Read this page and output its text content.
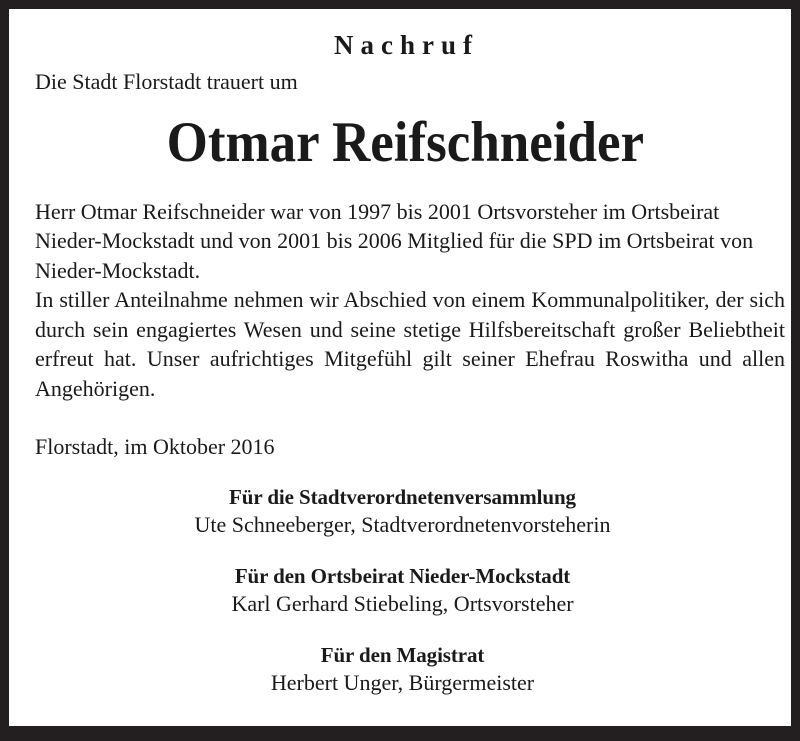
Nachruf
Die Stadt Florstadt trauert um
Otmar Reifschneider

Herr Otmar Reifschneider war von 1997 bis 2001 Ortsvorsteher im Ortsbeirat Nieder-Mockstadt und von 2001 bis 2006 Mitglied für die SPD im Ortsbeirat von Nieder-Mockstadt.

In stiller Anteilnahme nehmen wir Abschied von einem Kommunalpolitiker, der sich durch sein engagiertes Wesen und seine stetige Hilfsbereitschaft großer Beliebtheit erfreut hat. Unser aufrichtiges Mitgefühl gilt seiner Ehefrau Roswitha und allen Angehörigen.

Florstadt, im Oktober 2016
Für die Stadtverordnetenversammlung
Ute Schneeberger, Stadtverordnetenvorsteherin
Für den Ortsbeirat Nieder-Mockstadt
Karl Gerhard Stiebeling, Ortsvorsteher
Für den Magistrat
Herbert Unger, Bürgermeister
